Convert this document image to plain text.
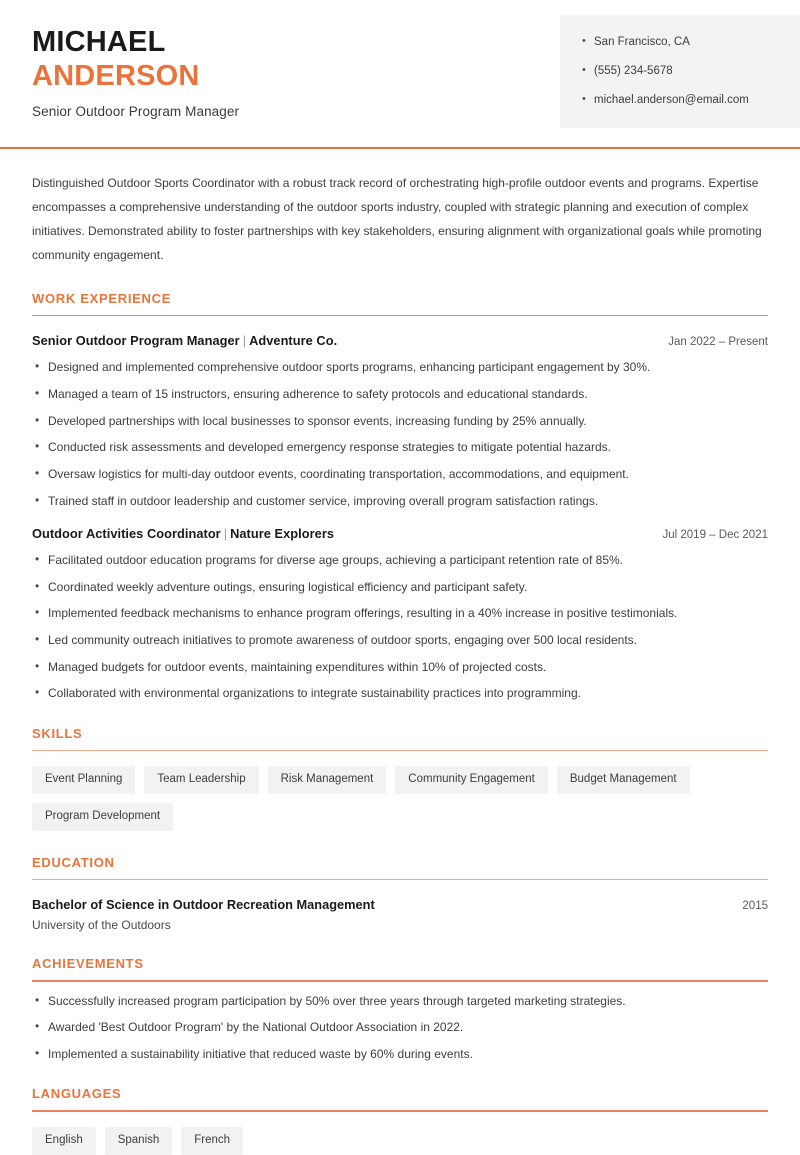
MICHAEL
ANDERSON
Senior Outdoor Program Manager
• San Francisco, CA
• (555) 234-5678
• michael.anderson@email.com

Distinguished Outdoor Sports Coordinator with a robust track record of orchestrating high-profile outdoor events and programs. Expertise encompasses a comprehensive understanding of the outdoor sports industry, coupled with strategic planning and execution of complex initiatives. Demonstrated ability to foster partnerships with key stakeholders, ensuring alignment with organizational goals while promoting community engagement.

WORK EXPERIENCE
Senior Outdoor Program Manager | Adventure Co.	Jan 2022 – Present
• Designed and implemented comprehensive outdoor sports programs, enhancing participant engagement by 30%.
• Managed a team of 15 instructors, ensuring adherence to safety protocols and educational standards.
• Developed partnerships with local businesses to sponsor events, increasing funding by 25% annually.
• Conducted risk assessments and developed emergency response strategies to mitigate potential hazards.
• Oversaw logistics for multi-day outdoor events, coordinating transportation, accommodations, and equipment.
• Trained staff in outdoor leadership and customer service, improving overall program satisfaction ratings.
Outdoor Activities Coordinator | Nature Explorers	Jul 2019 – Dec 2021
• Facilitated outdoor education programs for diverse age groups, achieving a participant retention rate of 85%.
• Coordinated weekly adventure outings, ensuring logistical efficiency and participant safety.
• Implemented feedback mechanisms to enhance program offerings, resulting in a 40% increase in positive testimonials.
• Led community outreach initiatives to promote awareness of outdoor sports, engaging over 500 local residents.
• Managed budgets for outdoor events, maintaining expenditures within 10% of projected costs.
• Collaborated with environmental organizations to integrate sustainability practices into programming.
SKILLS
Event Planning	Team Leadership	Risk Management	Community Engagement	Budget Management
Program Development
EDUCATION
Bachelor of Science in Outdoor Recreation Management	2015
University of the Outdoors
ACHIEVEMENTS
• Successfully increased program participation by 50% over three years through targeted marketing strategies.
• Awarded 'Best Outdoor Program' by the National Outdoor Association in 2022.
• Implemented a sustainability initiative that reduced waste by 60% during events.
LANGUAGES
English	Spanish	French
